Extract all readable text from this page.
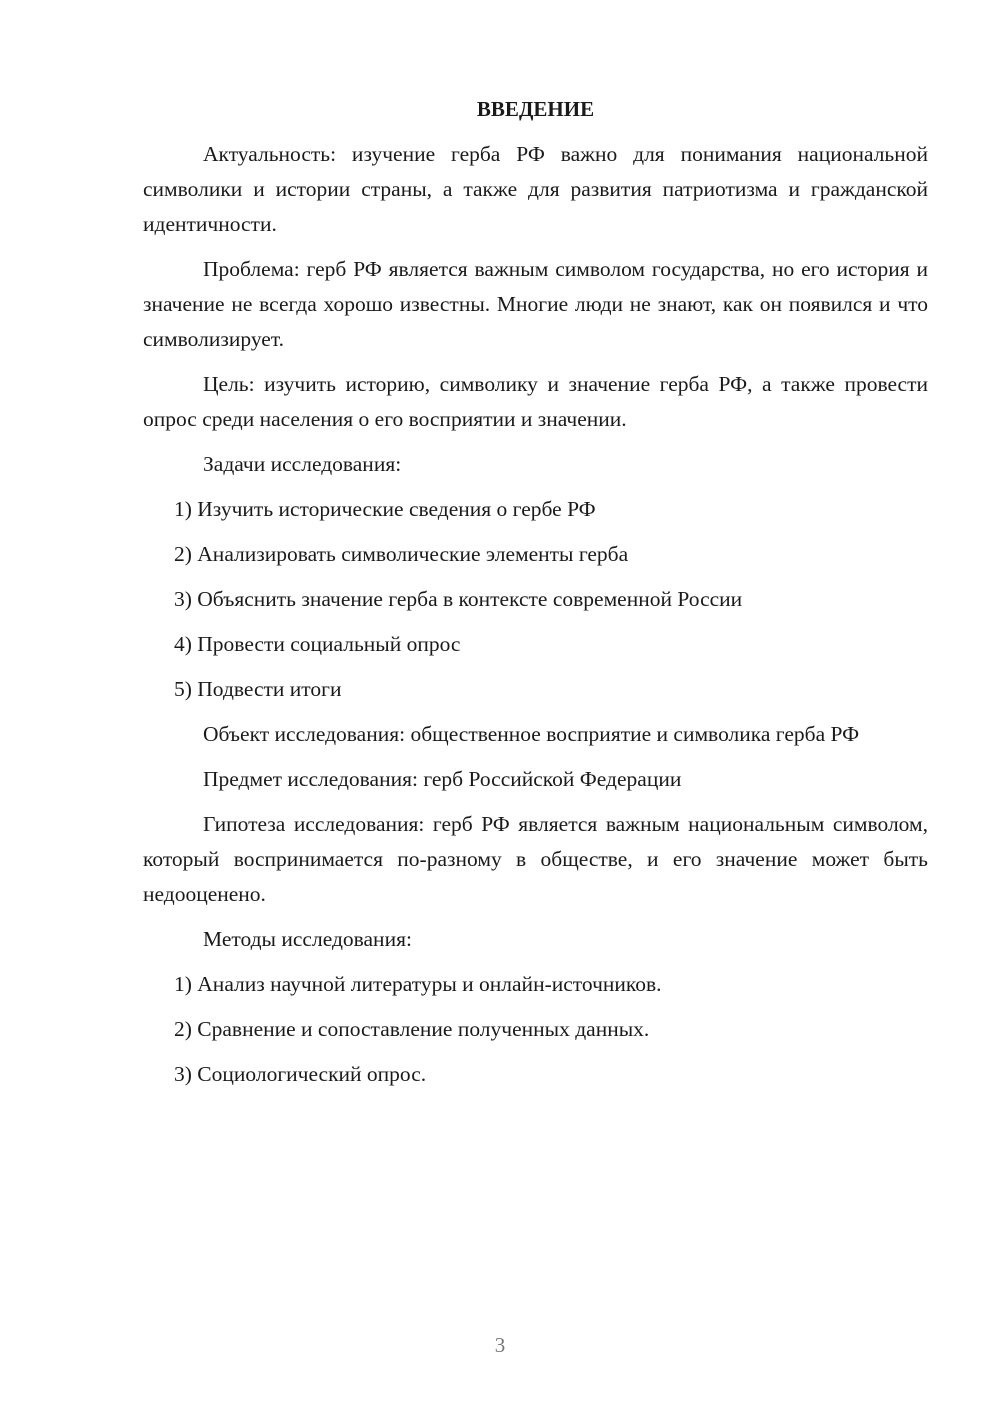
ВВЕДЕНИЕ

Актуальность: изучение герба РФ важно для понимания национальной символики и истории страны, а также для развития патриотизма и гражданской идентичности.

Проблема: герб РФ является важным символом государства, но его история и значение не всегда хорошо известны. Многие люди не знают, как он появился и что символизирует.

Цель: изучить историю, символику и значение герба РФ, а также провести опрос среди населения о его восприятии и значении.

Задачи исследования:

1) Изучить исторические сведения о гербе РФ

2) Анализировать символические элементы герба

3) Объяснить значение герба в контексте современной России

4) Провести социальный опрос

5) Подвести итоги

Объект исследования: общественное восприятие и символика герба РФ

Предмет исследования: герб Российской Федерации

Гипотеза исследования: герб РФ является важным национальным символом, который воспринимается по-разному в обществе, и его значение может быть недооценено.

Методы исследования:

1) Анализ научной литературы и онлайн-источников.

2) Сравнение и сопоставление полученных данных.

3) Социологический опрос.

3
